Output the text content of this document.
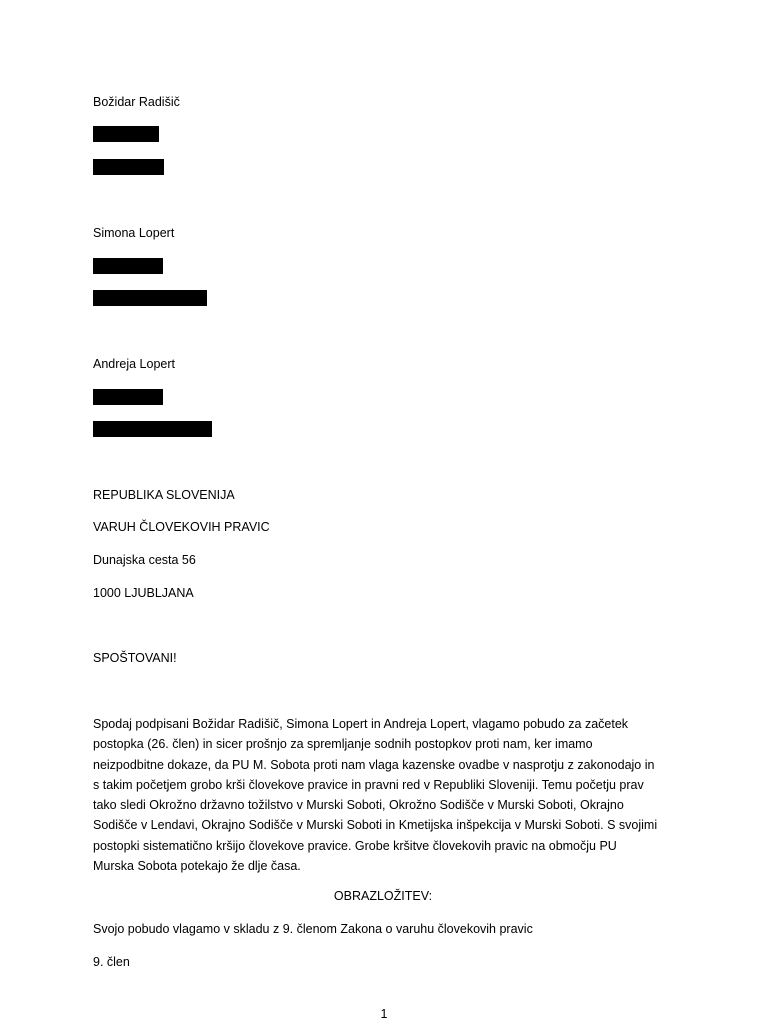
Božidar Radišič
Simona Lopert
Andreja Lopert
REPUBLIKA SLOVENIJA
VARUH ČLOVEKOVIH PRAVIC
Dunajska cesta 56
1000 LJUBLJANA
SPOŠTOVANI!
Spodaj podpisani Božidar Radišič, Simona Lopert in Andreja Lopert, vlagamo pobudo za začetek
postopka (26. člen) in sicer prošnjo za spremljanje sodnih postopkov proti nam, ker imamo
neizpodbitne dokaze, da PU M. Sobota proti nam vlaga kazenske ovadbe v nasprotju z zakonodajo in
s takim početjem grobo krši človekove pravice in pravni red v Republiki Sloveniji. Temu početju prav
tako sledi Okrožno državno tožilstvo v Murski Soboti, Okrožno Sodišče v Murski Soboti, Okrajno
Sodišče v Lendavi, Okrajno Sodišče v Murski Soboti in Kmetijska inšpekcija v Murski Soboti. S svojimi
postopki sistematično kršijo človekove pravice. Grobe kršitve človekovih pravic na območju PU
Murska Sobota potekajo že dlje časa.
OBRAZLOŽITEV:
Svojo pobudo vlagamo v skladu z 9. členom Zakona o varuhu človekovih pravic
9. člen
1
